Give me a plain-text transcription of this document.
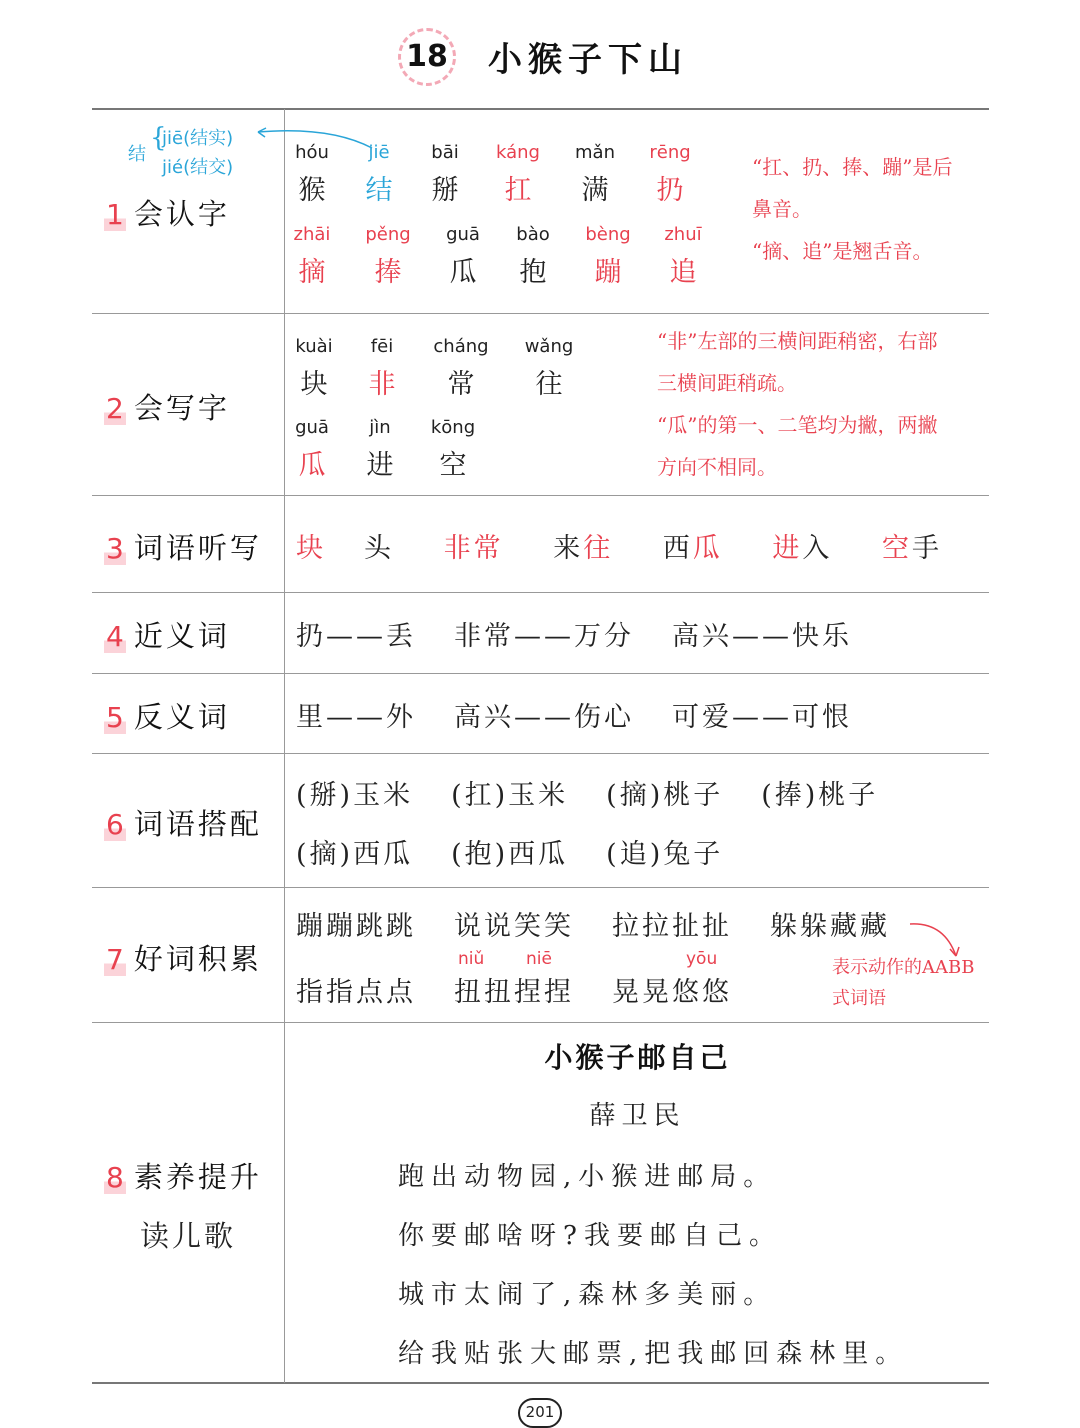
18 小猴子下山
1 会认字
结
{
jiē(结实)
jié(结交)
hóu
猴
jiē
结
bāi
掰
káng
扛
mǎn
满
rēng
扔
zhāi
摘
pěng
捧
guā
瓜
bào
抱
bèng
蹦
zhuī
追
“扛、扔、捧、蹦”是后
鼻音。
“摘、追”是翘舌音。
2 会写字
kuài
块
fēi
非
cháng
常
wǎng
往
guā
瓜
jìn
进
kōng
空
“非”左部的三横间距稍密，右部
三横间距稍疏。
“瓜”的第一、二笔均为撇，两撇
方向不相同。
3 词语听写 块 头 非常 来往 西瓜 进入 空手
4 近义词 扔——丢 非常——万分 高兴——快乐
5 反义词 里——外 高兴——伤心 可爱——可恨
6 词语搭配
(掰)玉米 (扛)玉米 (摘)桃子 (捧)桃子
(摘)西瓜 (抱)西瓜 (追)兔子
7 好词积累
蹦蹦跳跳 说说笑笑 拉拉扯扯 躲躲藏藏
niǔ niē	yōu
指指点点 扭扭捏捏 晃晃悠悠
表示动作的AABB
式词语
8 素养提升
读儿歌
小猴子邮自己
薛卫民
跑出动物园,小猴进邮局。
你要邮啥呀?我要邮自己。
城市太闹了,森林多美丽。
给我贴张大邮票,把我邮回森林里。
201
